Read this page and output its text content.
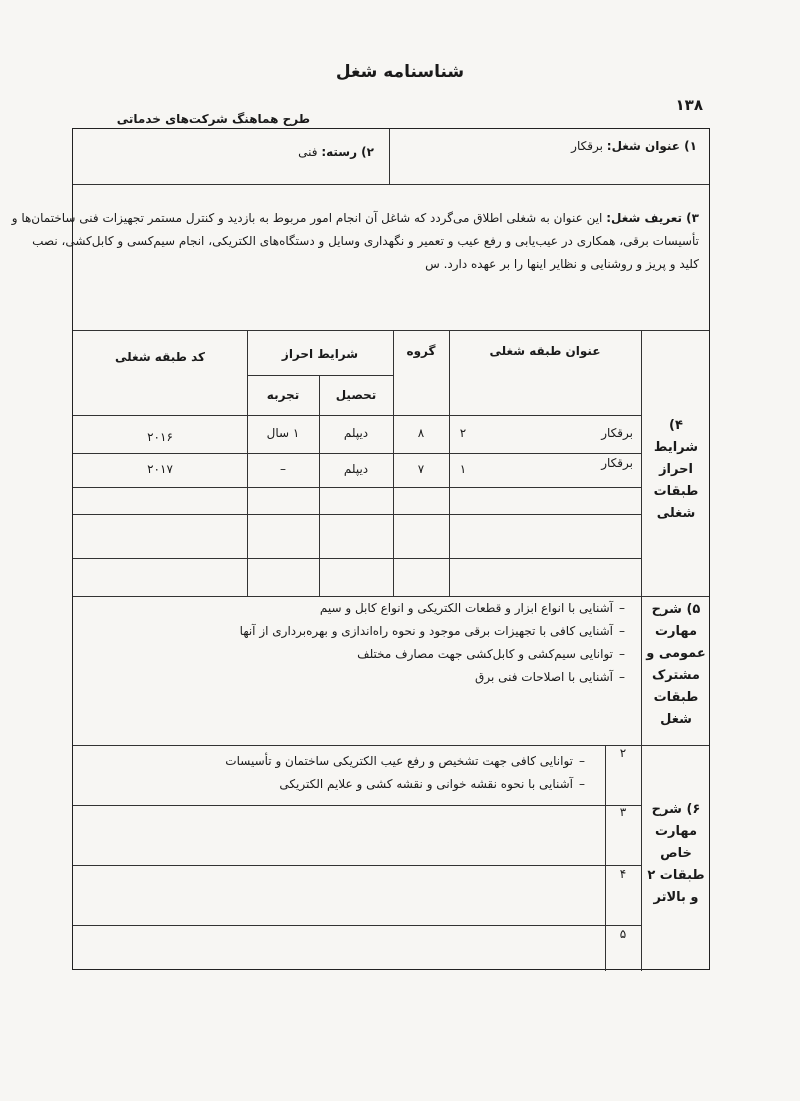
شناسنامه شغل
۱۳۸
طرح هماهنگ شرکت‌های خدماتی
۱) عنوان شغل: برقکار
۲) رسته: فنی
۳) تعریف شغل: این عنوان به شغلی اطلاق می‌گردد که شاغل آن انجام امور مربوط به بازدید و کنترل مستمر تجهیزات فنی ساختمان‌ها و
تأسیسات برقی، همکاری در عیب‌یابی و رفع عیب و تعمیر و نگهداری وسایل و دستگاه‌های الکتریکی، انجام سیم‌کسی و کابل‌کشی، نصب
کلید و پریز و روشنایی و نظایر اینها را بر عهده دارد. س
۴) شرایط احراز طبقات شغلی
عنوان طبقه شغلی
گروه
شرایط احراز
کد طبقه شغلی
تحصیل
تجربه
برقکار
۲
۸
دیپلم
۱ سال
۲۰۱۶
برقکار
۱
۷
دیپلم
–
۲۰۱۷
۵) شرح مهارت عمومی و مشترک طبقات شغل
–آشنایی با انواع ابزار و قطعات الکتریکی و انواع کابل و سیم
–آشنایی کافی با تجهیزات برقی موجود و نحوه راه‌اندازی و بهره‌برداری از آنها
–توانایی سیم‌کشی و کابل‌کشی جهت مصارف مختلف
–آشنایی با اصلاحات فنی برق
۶) شرح مهارت خاص طبقات ۲ و بالاتر
۲
۳
۴
۵
–توانایی کافی جهت تشخیص و رفع عیب الکتریکی ساختمان و تأسیسات
–آشنایی با نحوه نقشه خوانی و نقشه کشی و علایم الکتریکی
